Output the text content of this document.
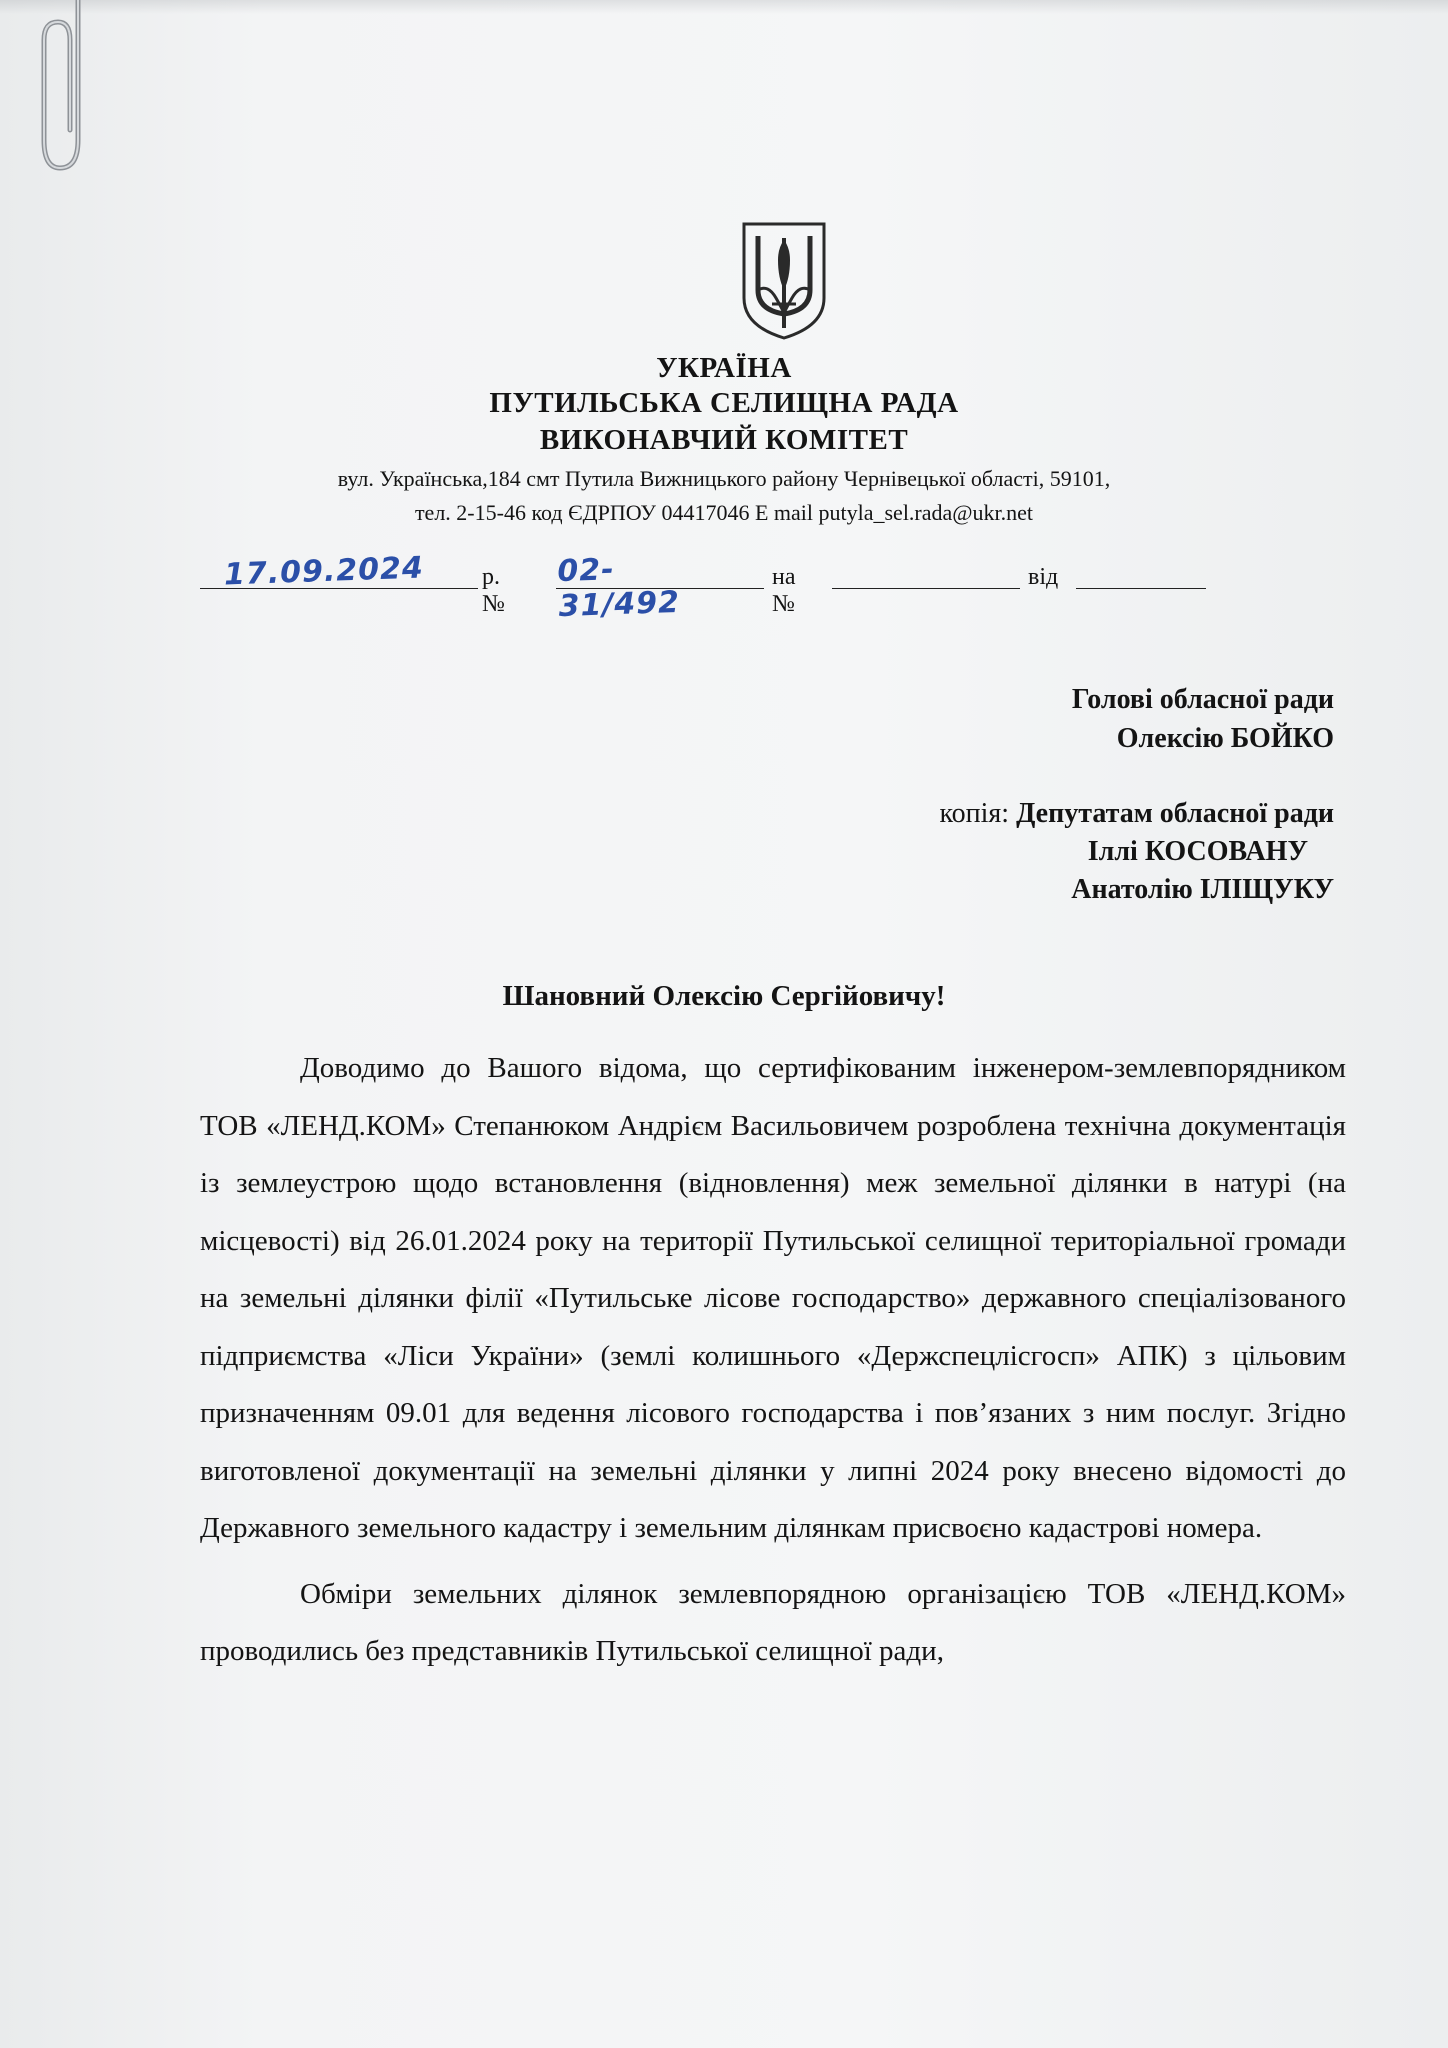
УКРАЇНА
ПУТИЛЬСЬКА СЕЛИЩНА РАДА
ВИКОНАВЧИЙ КОМІТЕТ
вул. Українська,184 смт Путила Вижницького району Чернівецької області, 59101,
тел. 2-15-46 код ЄДРПОУ 04417046 E mail putyla_sel.rada@ukr.net
17.09.2024 р. №
02-31/492
на №
від
Голові обласної ради
Олексію БОЙКО
копія: Депутатам обласної ради
Іллі КОСОВАНУ
Анатолію ІЛІЩУКУ
Шановний Олексію Сергійовичу!

Доводимо до Вашого відома, що сертифікованим інженером-землевпорядником ТОВ «ЛЕНД.КОМ» Степанюком Андрієм Васильовичем розроблена технічна документація із землеустрою щодо встановлення (відновлення) меж земельної ділянки в натурі (на місцевості) від 26.01.2024 року на території Путильської селищної територіальної громади на земельні ділянки філії «Путильське лісове господарство» державного спеціалізованого підприємства «Ліси України» (землі колишнього «Держспецлісгосп» АПК) з цільовим призначенням 09.01 для ведення лісового господарства і пов’язаних з ним послуг. Згідно виготовленої документації на земельні ділянки у липні 2024 року внесено відомості до Державного земельного кадастру і земельним ділянкам присвоєно кадастрові номера.

Обміри земельних ділянок землевпорядною організацією ТОВ «ЛЕНД.КОМ» проводились без представників Путильської селищної ради,
